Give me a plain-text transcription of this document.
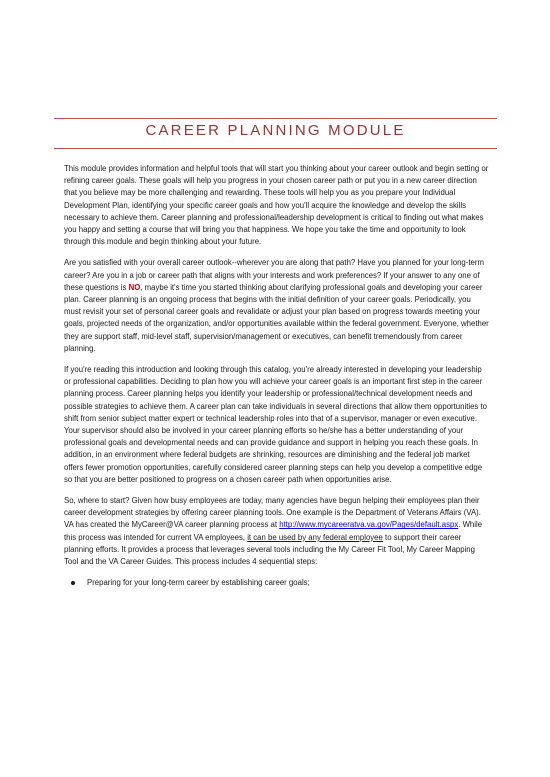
CAREER PLANNING MODULE

This module provides information and helpful tools that will start you thinking about your career outlook and begin setting or refining career goals. These goals will help you progress in your chosen career path or put you in a new career direction that you believe may be more challenging and rewarding. These tools will help you as you prepare your Individual Development Plan, identifying your specific career goals and how you'll acquire the knowledge and develop the skills necessary to achieve them. Career planning and professional/leadership development is critical to finding out what makes you happy and setting a course that will bring you that happiness. We hope you take the time and opportunity to look through this module and begin thinking about your future.

Are you satisfied with your overall career outlook--wherever you are along that path? Have you planned for your long-term career? Are you in a job or career path that aligns with your interests and work preferences? If your answer to any one of these questions is NO, maybe it's time you started thinking about clarifying professional goals and developing your career plan. Career planning is an ongoing process that begins with the initial definition of your career goals. Periodically, you must revisit your set of personal career goals and revalidate or adjust your plan based on progress towards meeting your goals, projected needs of the organization, and/or opportunities available within the federal government. Everyone, whether they are support staff, mid-level staff, supervision/management or executives, can benefit tremendously from career planning.

If you're reading this introduction and looking through this catalog, you're already interested in developing your leadership or professional capabilities. Deciding to plan how you will achieve your career goals is an important first step in the career planning process. Career planning helps you identify your leadership or professional/technical development needs and possible strategies to achieve them. A career plan can take individuals in several directions that allow them opportunities to shift from senior subject matter expert or technical leadership roles into that of a supervisor, manager or even executive. Your supervisor should also be involved in your career planning efforts so he/she has a better understanding of your professional goals and developmental needs and can provide guidance and support in helping you reach these goals. In addition, in an environment where federal budgets are shrinking, resources are diminishing and the federal job market offers fewer promotion opportunities, carefully considered career planning steps can help you develop a competitive edge so that you are better positioned to progress on a chosen career path when opportunities arise.

So, where to start? Given how busy employees are today, many agencies have begun helping their employees plan their career development strategies by offering career planning tools. One example is the Department of Veterans Affairs (VA). VA has created the MyCareer@VA career planning process at http://www.mycareeratva.va.gov/Pages/default.aspx. While this process was intended for current VA employees, it can be used by any federal employee to support their career planning efforts. It provides a process that leverages several tools including the My Career Fit Tool, My Career Mapping Tool and the VA Career Guides. This process includes 4 sequential steps:

Preparing for your long-term career by establishing career goals;
